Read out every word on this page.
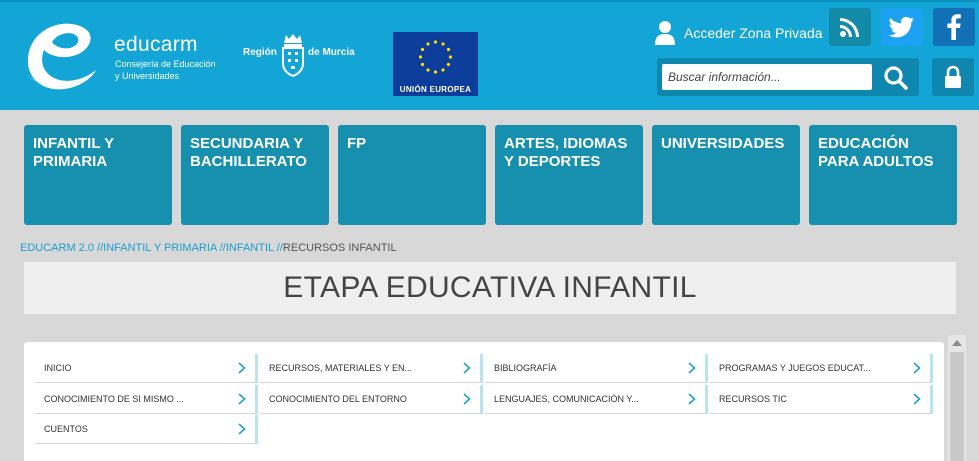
educarm
Consejería de Educación
y Universidades
Región	de Murcia
UNIÓN EUROPEA
Acceder Zona Privada
Buscar información...
INFANTIL Y PRIMARIA
SECUNDARIA Y BACHILLERATO
FP	ARTES, IDIOMAS Y DEPORTES
UNIVERSIDADES	EDUCACIÓN PARA ADULTOS
EDUCARM 2.0 //INFANTIL Y PRIMARIA //INFANTIL //RECURSOS INFANTIL
ETAPA EDUCATIVA INFANTIL
INICIO	RECURSOS, MATERIALES Y EN...	BIBLIOGRAFÍA	PROGRAMAS Y JUEGOS EDUCAT...
CONOCIMIENTO DE SI MISMO ...	CONOCIMIENTO DEL ENTORNO	LENGUAJES, COMUNICACIÓN Y...	RECURSOS TIC
CUENTOS
